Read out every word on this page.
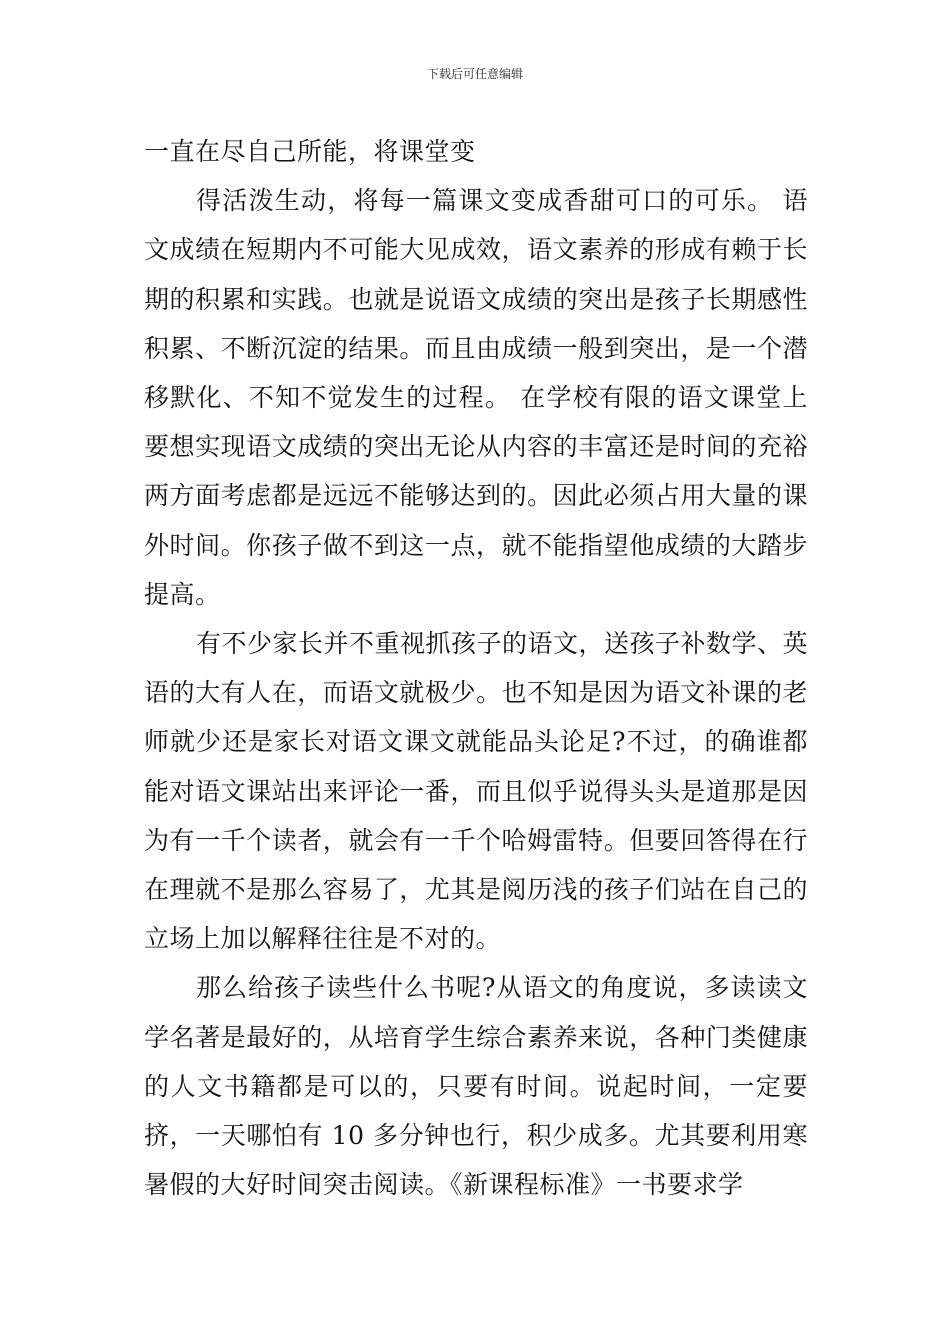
下载后可任意编辑

一直在尽自己所能，将课堂变

得活泼生动，将每一篇课文变成香甜可口的可乐。 语文成绩在短期内不可能大见成效，语文素养的形成有赖于长期的积累和实践。也就是说语文成绩的突出是孩子长期感性积累、不断沉淀的结果。而且由成绩一般到突出，是一个潜移默化、不知不觉发生的过程。 在学校有限的语文课堂上要想实现语文成绩的突出无论从内容的丰富还是时间的充裕两方面考虑都是远远不能够达到的。因此必须占用大量的课外时间。你孩子做不到这一点，就不能指望他成绩的大踏步提高。

有不少家长并不重视抓孩子的语文，送孩子补数学、英语的大有人在，而语文就极少。也不知是因为语文补课的老师就少还是家长对语文课文就能品头论足?不过，的确谁都能对语文课站出来评论一番，而且似乎说得头头是道那是因为有一千个读者，就会有一千个哈姆雷特。但要回答得在行在理就不是那么容易了，尤其是阅历浅的孩子们站在自己的立场上加以解释往往是不对的。

那么给孩子读些什么书呢?从语文的角度说，多读读文学名著是最好的，从培育学生综合素养来说，各种门类健康的人文书籍都是可以的，只要有时间。说起时间，一定要挤，一天哪怕有 10 多分钟也行，积少成多。尤其要利用寒暑假的大好时间突击阅读。《新课程标准》一书要求学
